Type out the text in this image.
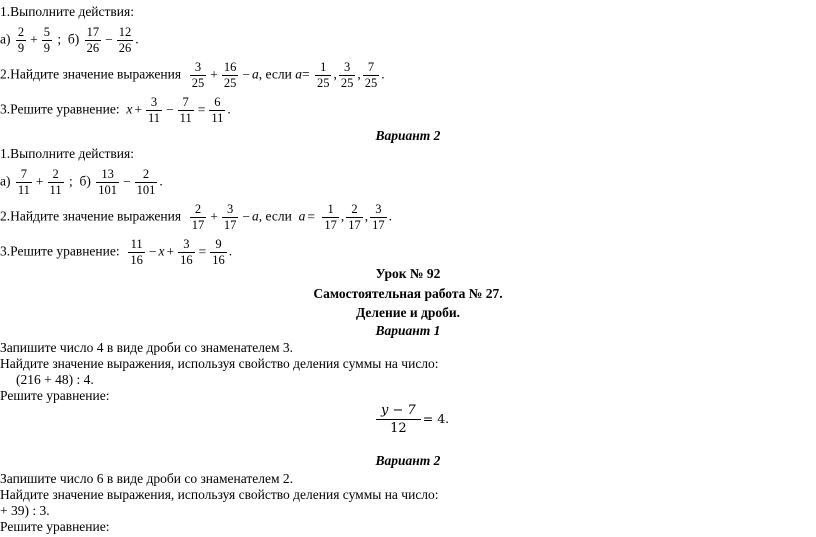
1.Выполните действия:
$а) \frac{2}{9} + \frac{5}{9}$ ; $б) \frac{17}{26} - \frac{12}{26}$ .
2.Найдите значение выражения $\frac{3}{25} + \frac{16}{25} - a$, если $a= \frac{1}{25}$ , $\frac{3}{25}$ , $\frac{7}{25}$ .
3.Решите уравнение: $x + \frac{3}{11} - \frac{7}{11} = \frac{6}{11}$ .
Вариант 2
1.Выполните действия:
$а) \frac{7}{11} + \frac{2}{11}$ ; $б) \frac{13}{101} - \frac{2}{101}$ .
2.Найдите значение выражения $\frac{2}{17} + \frac{3}{17} - a$, если $a = \frac{1}{17}$ , $\frac{2}{17}$ , $\frac{3}{17}$ .
3.Решите уравнение: $\frac{11}{16} - x + \frac{3}{16} = \frac{9}{16}$ .
Урок № 92
Самостоятельная работа № 27.
Деление и дроби.
Вариант 1
Запишите число 4 в виде дроби со знаменателем 3.
Найдите значение выражения, используя свойство деления суммы на число:
(216 + 48) : 4.
Решите уравнение:
$\frac{y - 7}{12} = 4$.
Вариант 2
Запишите число 6 в виде дроби со знаменателем 2.
Найдите значение выражения, используя свойство деления суммы на число:
+ 39) : 3.
Решите уравнение:
